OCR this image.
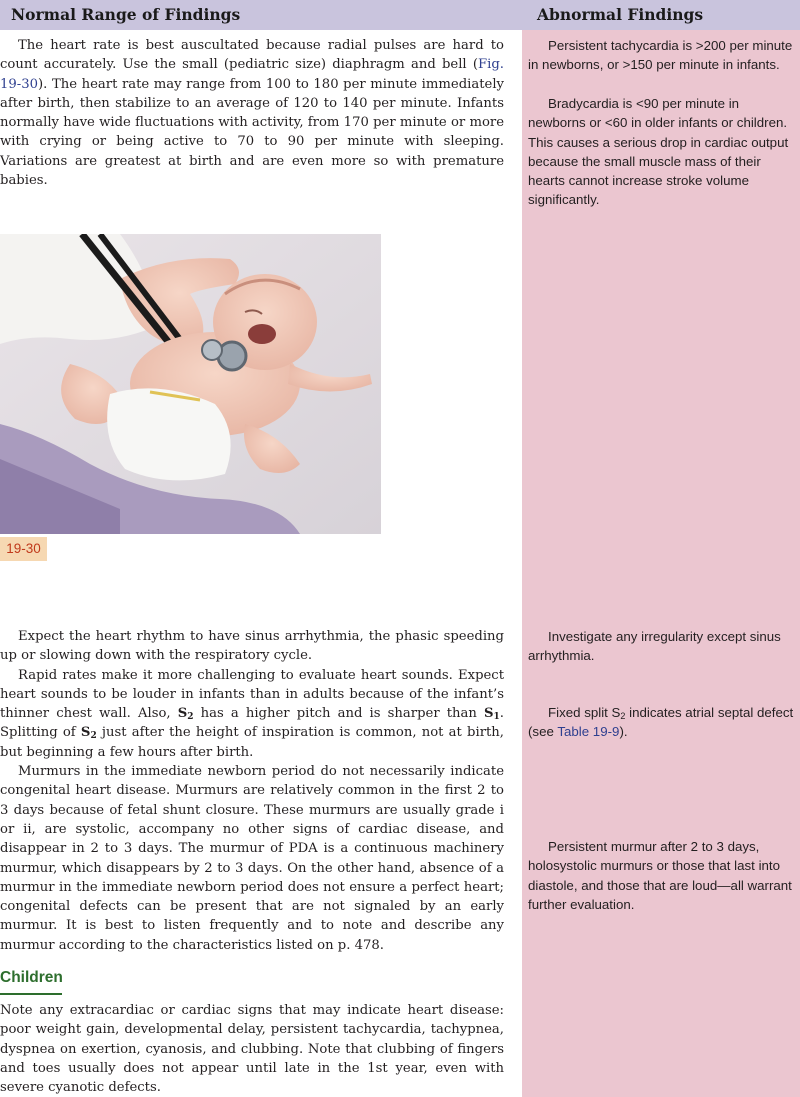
Normal Range of Findings	Abnormal Findings

The heart rate is best auscultated because radial pulses are hard to count accurately. Use the small (pediatric size) diaphragm and bell (Fig. 19-30). The heart rate may range from 100 to 180 per minute immediately after birth, then stabilize to an average of 120 to 140 per minute. Infants normally have wide fluctuations with activity, from 170 per minute or more with crying or being active to 70 to 90 per minute with sleeping. Variations are greatest at birth and are even more so with premature babies.

Persistent tachycardia is >200 per minute in newborns, or >150 per minute in infants.

Bradycardia is <90 per minute in newborns or <60 in older infants or children. This causes a serious drop in cardiac output because the small muscle mass of their hearts cannot increase stroke volume significantly.

19-30

Expect the heart rhythm to have sinus arrhythmia, the phasic speeding up or slowing down with the respiratory cycle.

Rapid rates make it more challenging to evaluate heart sounds. Expect heart sounds to be louder in infants than in adults because of the infant’s thinner chest wall. Also, $S_2$ has a higher pitch and is sharper than $S_1$. Splitting of $S_2$ just after the height of inspiration is common, not at birth, but beginning a few hours after birth.

Murmurs in the immediate newborn period do not necessarily indicate congenital heart disease. Murmurs are relatively common in the first 2 to 3 days because of fetal shunt closure. These murmurs are usually grade i or ii, are systolic, accompany no other signs of cardiac disease, and disappear in 2 to 3 days. The murmur of PDA is a continuous machinery murmur, which disappears by 2 to 3 days. On the other hand, absence of a murmur in the immediate newborn period does not ensure a perfect heart; congenital defects can be present that are not signaled by an early murmur. It is best to listen frequently and to note and describe any murmur according to the characteristics listed on p. 478.

Children

Note any extracardiac or cardiac signs that may indicate heart disease: poor weight gain, developmental delay, persistent tachycardia, tachypnea, dyspnea on exertion, cyanosis, and clubbing. Note that clubbing of fingers and toes usually does not appear until late in the 1st year, even with severe cyanotic defects.

Investigate any irregularity except sinus arrhythmia.

Fixed split $S_2$ indicates atrial septal defect (see Table 19-9).

Persistent murmur after 2 to 3 days, holosystolic murmurs or those that last into diastole, and those that are loud—all warrant further evaluation.
